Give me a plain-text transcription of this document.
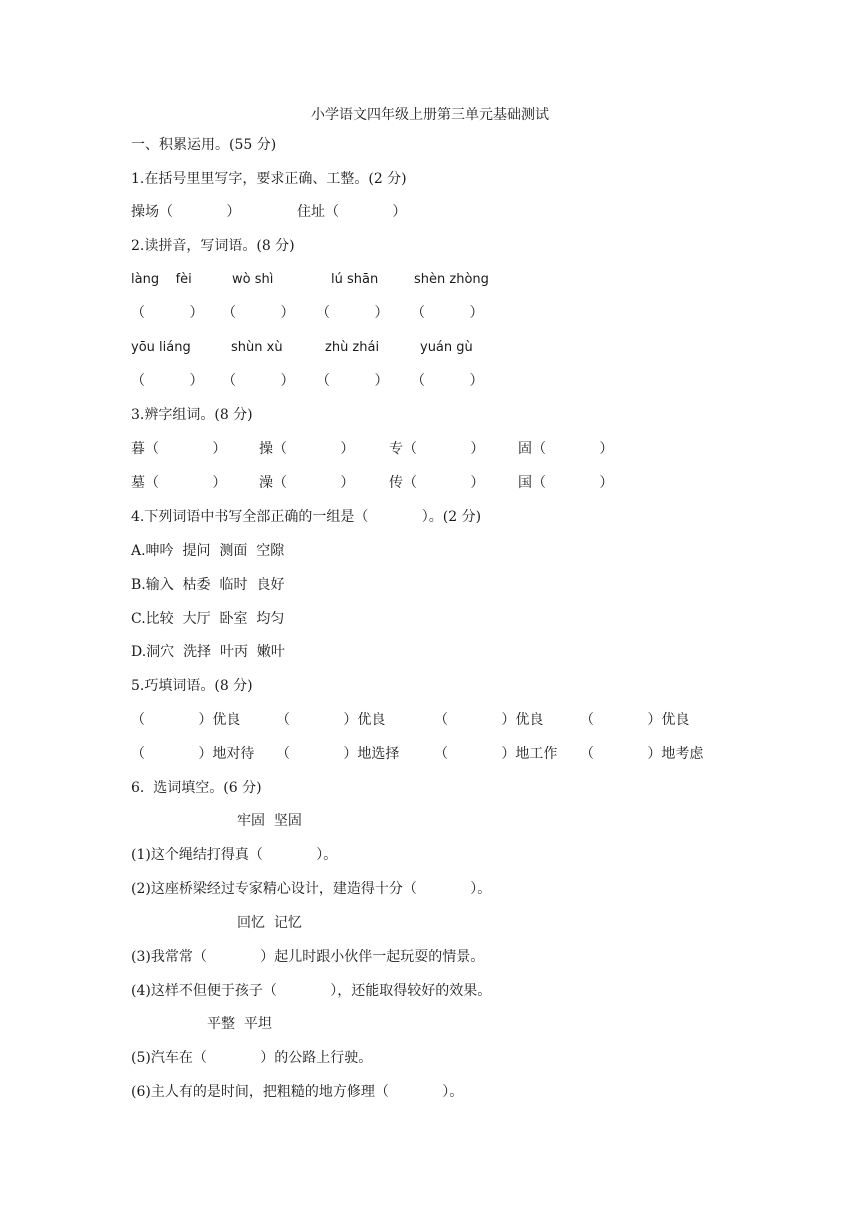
小学语文四年级上册第三单元基础测试
一、积累运用。(55 分)
1.在括号里里写字，要求正确、工整。(2 分)
操场（            ）	住址（            ）
2.读拼音，写词语。(8 分)
làng    fèi	wò shì	lú shān	shèn zhòng
（          ） （          ） （          ） （          ）
yōu liáng	shùn xù	zhù zhái	yuán gù
（          ） （          ） （          ） （          ）
3.辨字组词。(8 分)
暮（            ） 操（            ） 专（            ） 固（            ）
墓（            ） 澡（            ） 传（            ） 国（            ）
4.下列词语中书写全部正确的一组是（            ）。(2 分)
A.呻吟  提问  测面  空隙
B.输入  枯委  临时  良好
C.比较  大厅  卧室  均匀
D.洞穴  洗择  叶丙  嫩叶
5.巧填词语。(8 分)
（            ）优良	（            ）优良	（            ）优良	（            ）优良
（            ）地对待 （            ）地选择 （            ）地工作 （            ）地考虑
6.  选词填空。(6 分)
牢固  坚固
(1)这个绳结打得真（            ）。
(2)这座桥梁经过专家精心设计，建造得十分（            ）。
回忆  记忆
(3)我常常（            ）起儿时跟小伙伴一起玩耍的情景。
(4)这样不但便于孩子（            ），还能取得较好的效果。
平整  平坦
(5)汽车在（            ）的公路上行驶。
(6)主人有的是时间，把粗糙的地方修理（            ）。
